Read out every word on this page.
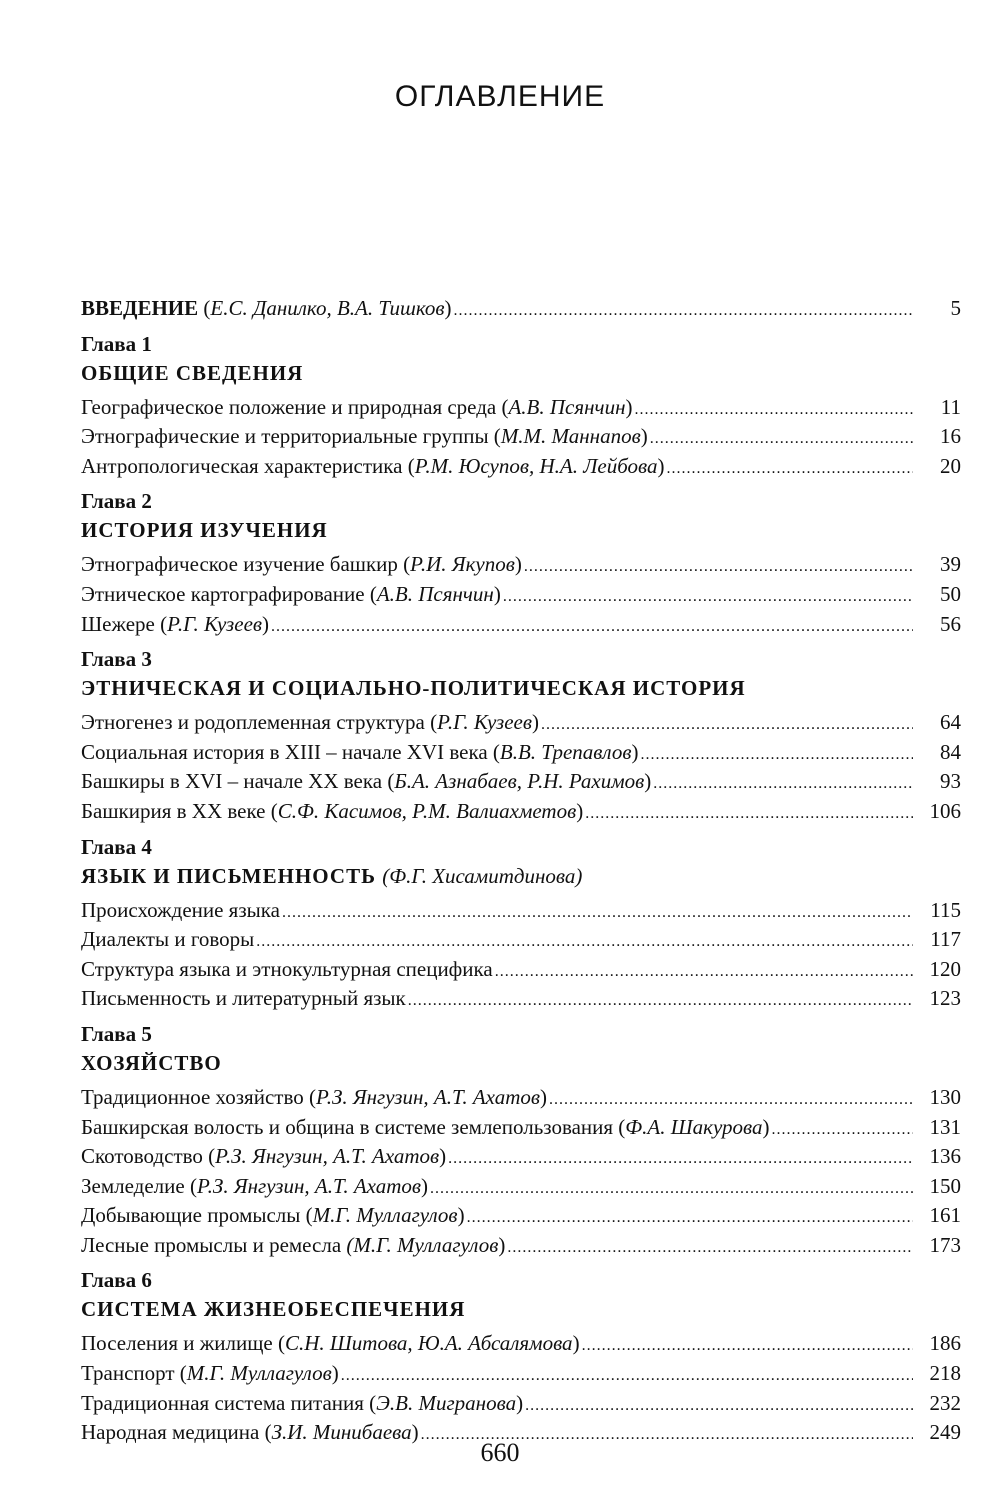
ОГЛАВЛЕНИЕ
ВВЕДЕНИЕ (Е.С. Данилко, В.А. Тишков) .....	5
Глава 1
ОБЩИЕ СВЕДЕНИЯ
Географическое положение и природная среда (А.В. Псянчин) .....	11
Этнографические и территориальные группы (М.М. Маннапов) .....	16
Антропологическая характеристика (Р.М. Юсупов, Н.А. Лейбова) .....	20
Глава 2
ИСТОРИЯ ИЗУЧЕНИЯ
Этнографическое изучение башкир (Р.И. Якупов) .....	39
Этническое картографирование (А.В. Псянчин) .....	50
Шежере (Р.Г. Кузеев) .....	56
Глава 3
ЭТНИЧЕСКАЯ И СОЦИАЛЬНО-ПОЛИТИЧЕСКАЯ ИСТОРИЯ
Этногенез и родоплеменная структура (Р.Г. Кузеев) .....	64
Социальная история в XIII – начале XVI века (В.В. Трепавлов) .....	84
Башкиры в XVI – начале XX века (Б.А. Азнабаев, Р.Н. Рахимов) .....	93
Башкирия в XX веке (С.Ф. Касимов, Р.М. Валиахметов) .....	106
Глава 4
ЯЗЫК И ПИСЬМЕННОСТЬ (Ф.Г. Хисамитдинова)
Происхождение языка .....	115
Диалекты и говоры .....	117
Структура языка и этнокультурная специфика .....	120
Письменность и литературный язык .....	123
Глава 5
ХОЗЯЙСТВО
Традиционное хозяйство (Р.З. Янгузин, А.Т. Ахатов) .....	130
Башкирская волость и община в системе землепользования (Ф.А. Шакурова) .....	131
Скотоводство (Р.З. Янгузин, А.Т. Ахатов) .....	136
Земледелие (Р.З. Янгузин, А.Т. Ахатов) .....	150
Добывающие промыслы (М.Г. Муллагулов) .....	161
Лесные промыслы и ремесла (М.Г. Муллагулов) .....	173
Глава 6
СИСТЕМА ЖИЗНЕОБЕСПЕЧЕНИЯ
Поселения и жилище (С.Н. Шитова, Ю.А. Абсалямова) .....	186
Транспорт (М.Г. Муллагулов) .....	218
Традиционная система питания (Э.В. Мигранова) .....	232
Народная медицина (З.И. Минибаева) .....	249
660
